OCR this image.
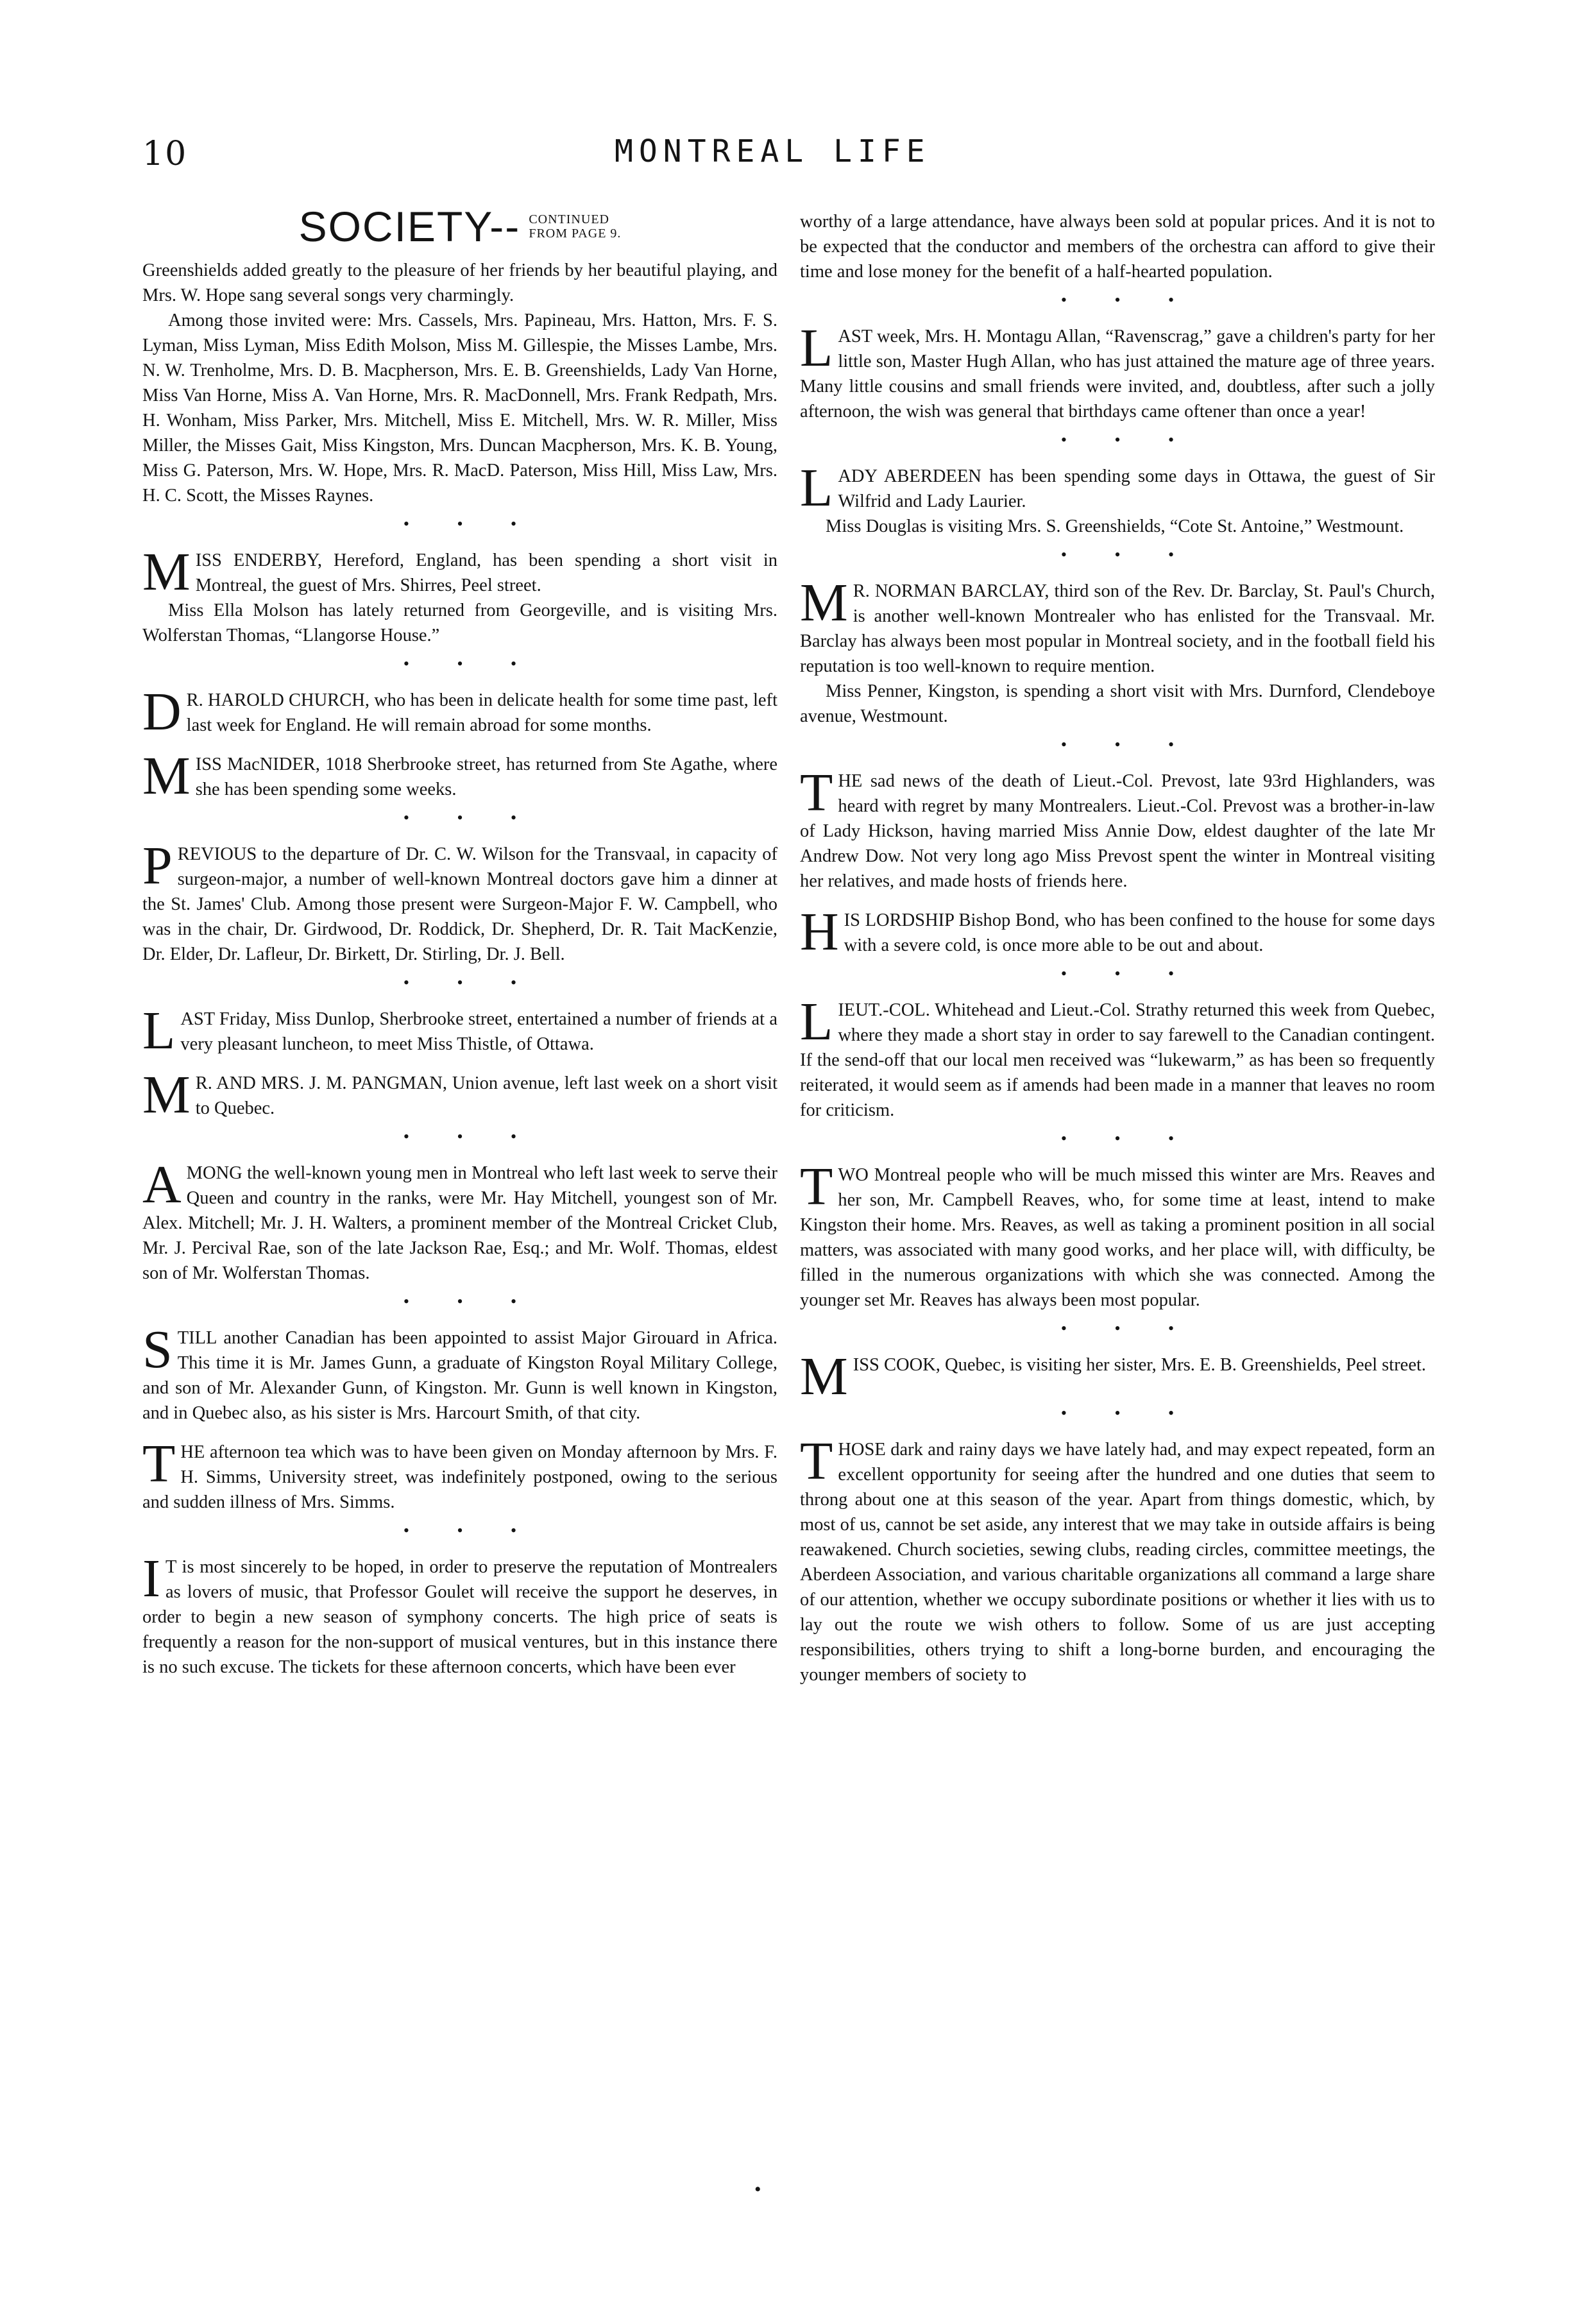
10	MONTREAL LIFE
SOCIETY-- CONTINUED
FROM PAGE 9.

Greenshields added greatly to the pleasure of her friends by her beautiful playing, and Mrs. W. Hope sang several songs very charmingly.

Among those invited were: Mrs. Cassels, Mrs. Papineau, Mrs. Hatton, Mrs. F. S. Lyman, Miss Lyman, Miss Edith Molson, Miss M. Gillespie, the Misses Lambe, Mrs. N. W. Trenholme, Mrs. D. B. Macpherson, Mrs. E. B. Greenshields, Lady Van Horne, Miss Van Horne, Miss A. Van Horne, Mrs. R. MacDonnell, Mrs. Frank Redpath, Mrs. H. Wonham, Miss Parker, Mrs. Mitchell, Miss E. Mitchell, Mrs. W. R. Miller, Miss Miller, the Misses Gait, Miss Kingston, Mrs. Duncan Macpherson, Mrs. K. B. Young, Miss G. Paterson, Mrs. W. Hope, Mrs. R. MacD. Paterson, Miss Hill, Miss Law, Mrs. H. C. Scott, the Misses Raynes.

• • •
MISS ENDERBY, Hereford, England, has been spending a short visit in Montreal, the guest of Mrs. Shirres, Peel street.

Miss Ella Molson has lately returned from Georgeville, and is visiting Mrs. Wolferstan Thomas, “Llangorse House.”

• • •
D R. HAROLD CHURCH, who has been in delicate health for some time past, left last week for England. He will remain abroad for some months.
MISS MacNIDER, 1018 Sherbrooke street, has returned from Ste Agathe, where she has been spending some weeks.
• • •
PREVIOUS to the departure of Dr. C. W. Wilson for the Transvaal, in capacity of surgeon-major, a number of well-known Montreal doctors gave him a dinner at the St. James' Club. Among those present were Surgeon-Major F. W. Campbell, who was in the chair, Dr. Girdwood, Dr. Roddick, Dr. Shepherd, Dr. R. Tait MacKenzie, Dr. Elder, Dr. Lafleur, Dr. Birkett, Dr. Stirling, Dr. J. Bell.
• • •
LAST Friday, Miss Dunlop, Sherbrooke street, entertained a number of friends at a very pleasant luncheon, to meet Miss Thistle, of Ottawa.
M R. AND MRS. J. M. PANGMAN, Union avenue, left last week on a short visit to Quebec.
• • •
AMONG the well-known young men in Montreal who left last week to serve their Queen and country in the ranks, were Mr. Hay Mitchell, youngest son of Mr. Alex. Mitchell; Mr. J. H. Walters, a prominent member of the Montreal Cricket Club, Mr. J. Percival Rae, son of the late Jackson Rae, Esq.; and Mr. Wolf. Thomas, eldest son of Mr. Wolferstan Thomas.
• • •
STILL another Canadian has been appointed to assist Major Girouard in Africa. This time it is Mr. James Gunn, a graduate of Kingston Royal Military College, and son of Mr. Alexander Gunn, of Kingston. Mr. Gunn is well known in Kingston, and in Quebec also, as his sister is Mrs. Harcourt Smith, of that city.
THE afternoon tea which was to have been given on Monday afternoon by Mrs. F. H. Simms, University street, was indefinitely postponed, owing to the serious and sudden illness of Mrs. Simms.
• • •
I T is most sincerely to be hoped, in order to preserve the reputation of Montrealers as lovers of music, that Professor Goulet will receive the support he deserves, in order to begin a new season of symphony concerts. The high price of seats is frequently a reason for the non-support of musical ventures, but in this instance there is no such excuse. The tickets for these afternoon concerts, which have been ever

worthy of a large attendance, have always been sold at popular prices. And it is not to be expected that the conductor and members of the orchestra can afford to give their time and lose money for the benefit of a half-hearted population.

• • •
LAST week, Mrs. H. Montagu Allan, “Ravenscrag,” gave a children's party for her little son, Master Hugh Allan, who has just attained the mature age of three years. Many little cousins and small friends were invited, and, doubtless, after such a jolly afternoon, the wish was general that birthdays came oftener than once a year!
• • •
LADY ABERDEEN has been spending some days in Ottawa, the guest of Sir Wilfrid and Lady Laurier.

Miss Douglas is visiting Mrs. S. Greenshields, “Cote St. Antoine,” Westmount.

• • •
M R. NORMAN BARCLAY, third son of the Rev. Dr. Barclay, St. Paul's Church, is another well-known Montrealer who has enlisted for the Transvaal. Mr. Barclay has always been most popular in Montreal society, and in the football field his reputation is too well-known to require mention.

Miss Penner, Kingston, is spending a short visit with Mrs. Durnford, Clendeboye avenue, Westmount.

• • •
THE sad news of the death of Lieut.-Col. Prevost, late 93rd Highlanders, was heard with regret by many Montrealers. Lieut.-Col. Prevost was a brother-in-law of Lady Hickson, having married Miss Annie Dow, eldest daughter of the late Mr Andrew Dow. Not very long ago Miss Prevost spent the winter in Montreal visiting her relatives, and made hosts of friends here.
HIS LORDSHIP Bishop Bond, who has been confined to the house for some days with a severe cold, is once more able to be out and about.
• • •
LIEUT.-COL. Whitehead and Lieut.-Col. Strathy returned this week from Quebec, where they made a short stay in order to say farewell to the Canadian contingent. If the send-off that our local men received was “lukewarm,” as has been so frequently reiterated, it would seem as if amends had been made in a manner that leaves no room for criticism.
• • •
TWO Montreal people who will be much missed this winter are Mrs. Reaves and her son, Mr. Campbell Reaves, who, for some time at least, intend to make Kingston their home. Mrs. Reaves, as well as taking a prominent position in all social matters, was associated with many good works, and her place will, with difficulty, be filled in the numerous organizations with which she was connected. Among the younger set Mr. Reaves has always been most popular.
• • •
MISS COOK, Quebec, is visiting her sister, Mrs. E. B. Greenshields, Peel street.
• • •
THOSE dark and rainy days we have lately had, and may expect repeated, form an excellent opportunity for seeing after the hundred and one duties that seem to throng about one at this season of the year. Apart from things domestic, which, by most of us, cannot be set aside, any interest that we may take in outside affairs is being reawakened. Church societies, sewing clubs, reading circles, committee meetings, the Aberdeen Association, and various charitable organizations all command a large share of our attention, whether we occupy subordinate positions or whether it lies with us to lay out the route we wish others to follow. Some of us are just accepting responsibilities, others trying to shift a long-borne burden, and encouraging the younger members of society to
•
